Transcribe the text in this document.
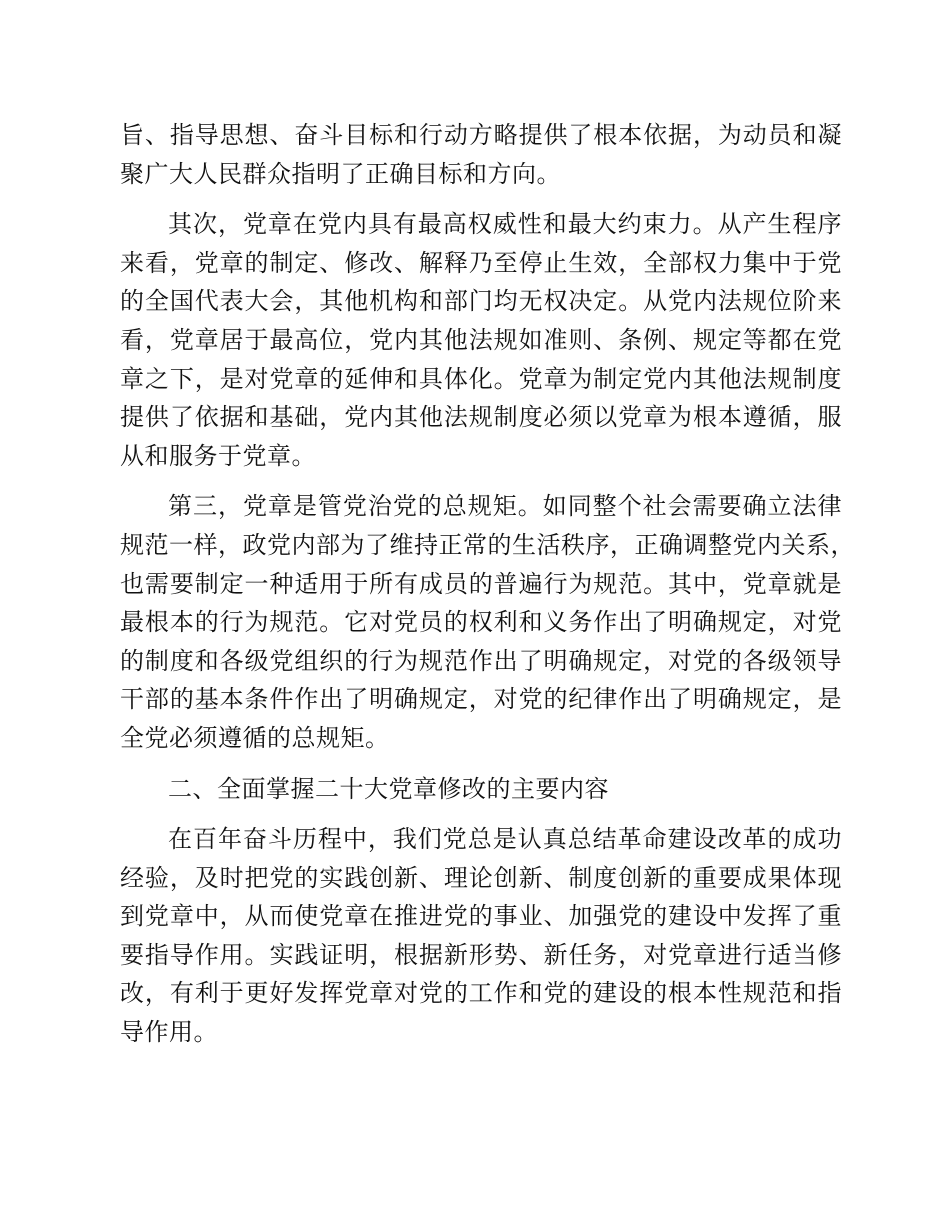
旨、指导思想、奋斗目标和行动方略提供了根本依据，为动员和凝
聚广大人民群众指明了正确目标和方向。

其次，党章在党内具有最高权威性和最大约束力。从产生程序
来看，党章的制定、修改、解释乃至停止生效，全部权力集中于党
的全国代表大会，其他机构和部门均无权决定。从党内法规位阶来
看，党章居于最高位，党内其他法规如准则、条例、规定等都在党
章之下，是对党章的延伸和具体化。党章为制定党内其他法规制度
提供了依据和基础，党内其他法规制度必须以党章为根本遵循，服
从和服务于党章。

第三，党章是管党治党的总规矩。如同整个社会需要确立法律
规范一样，政党内部为了维持正常的生活秩序，正确调整党内关系，
也需要制定一种适用于所有成员的普遍行为规范。其中，党章就是
最根本的行为规范。它对党员的权利和义务作出了明确规定，对党
的制度和各级党组织的行为规范作出了明确规定，对党的各级领导
干部的基本条件作出了明确规定，对党的纪律作出了明确规定，是
全党必须遵循的总规矩。

二、全面掌握二十大党章修改的主要内容

在百年奋斗历程中，我们党总是认真总结革命建设改革的成功
经验，及时把党的实践创新、理论创新、制度创新的重要成果体现
到党章中，从而使党章在推进党的事业、加强党的建设中发挥了重
要指导作用。实践证明，根据新形势、新任务，对党章进行适当修
改，有利于更好发挥党章对党的工作和党的建设的根本性规范和指
导作用。
